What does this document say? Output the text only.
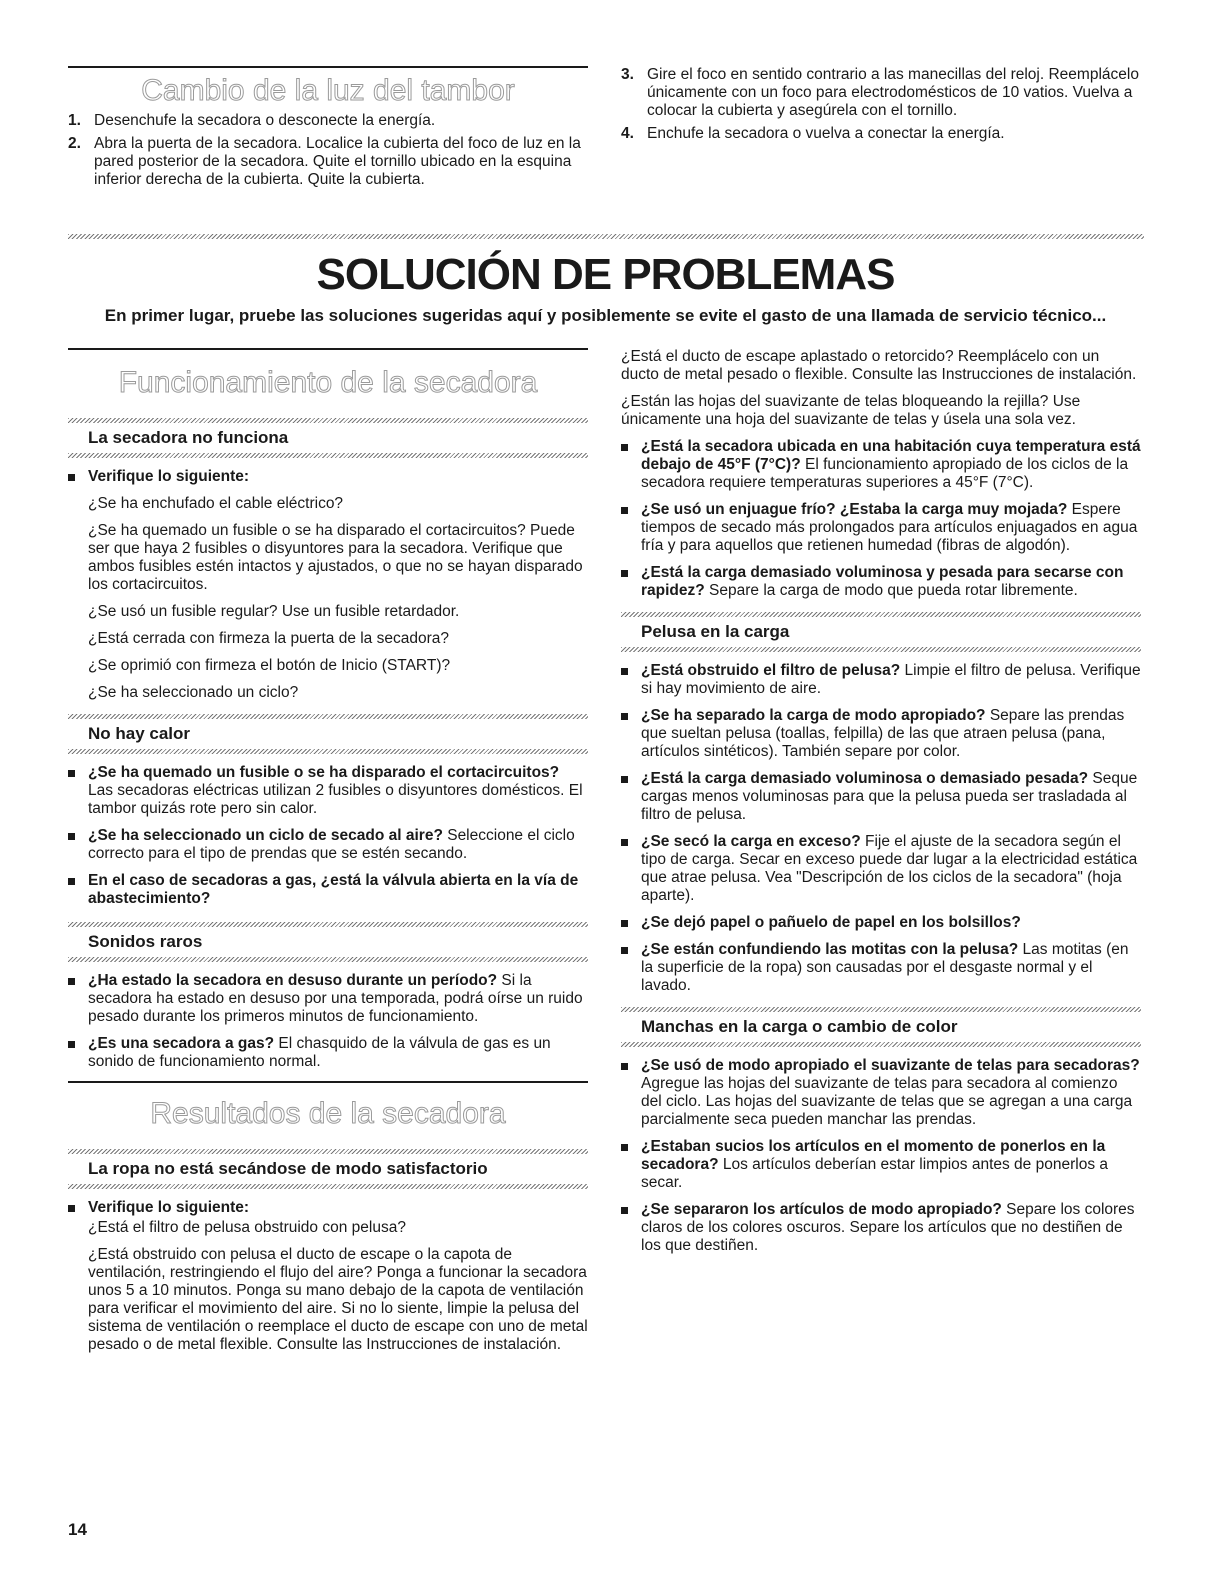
Cambio de la luz del tambor
1. Desenchufe la secadora o desconecte la energía.
2. Abra la puerta de la secadora. Localice la cubierta del foco de luz en la pared posterior de la secadora. Quite el tornillo ubicado en la esquina inferior derecha de la cubierta. Quite la cubierta.
3. Gire el foco en sentido contrario a las manecillas del reloj. Reemplácelo únicamente con un foco para electrodomésticos de 10 vatios. Vuelva a colocar la cubierta y asegúrela con el tornillo.
4. Enchufe la secadora o vuelva a conectar la energía.
SOLUCIÓN DE PROBLEMAS
En primer lugar, pruebe las soluciones sugeridas aquí y posiblemente se evite el gasto de una llamada de servicio técnico...
Funcionamiento de la secadora
La secadora no funciona
Verifique lo siguiente:
¿Se ha enchufado el cable eléctrico?
¿Se ha quemado un fusible o se ha disparado el cortacircuitos? Puede ser que haya 2 fusibles o disyuntores para la secadora. Verifique que ambos fusibles estén intactos y ajustados, o que no se hayan disparado los cortacircuitos.
¿Se usó un fusible regular? Use un fusible retardador.
¿Está cerrada con firmeza la puerta de la secadora?
¿Se oprimió con firmeza el botón de Inicio (START)?
¿Se ha seleccionado un ciclo?
No hay calor
¿Se ha quemado un fusible o se ha disparado el cortacircuitos? Las secadoras eléctricas utilizan 2 fusibles o disyuntores domésticos. El tambor quizás rote pero sin calor.
¿Se ha seleccionado un ciclo de secado al aire? Seleccione el ciclo correcto para el tipo de prendas que se estén secando.
En el caso de secadoras a gas, ¿está la válvula abierta en la vía de abastecimiento?
Sonidos raros
¿Ha estado la secadora en desuso durante un período? Si la secadora ha estado en desuso por una temporada, podrá oírse un ruido pesado durante los primeros minutos de funcionamiento.
¿Es una secadora a gas? El chasquido de la válvula de gas es un sonido de funcionamiento normal.
Resultados de la secadora
La ropa no está secándose de modo satisfactorio
Verifique lo siguiente:
¿Está el filtro de pelusa obstruido con pelusa?
¿Está obstruido con pelusa el ducto de escape o la capota de ventilación, restringiendo el flujo del aire? Ponga a funcionar la secadora unos 5 a 10 minutos. Ponga su mano debajo de la capota de ventilación para verificar el movimiento del aire. Si no lo siente, limpie la pelusa del sistema de ventilación o reemplace el ducto de escape con uno de metal pesado o de metal flexible. Consulte las Instrucciones de instalación.
¿Está el ducto de escape aplastado o retorcido? Reemplácelo con un ducto de metal pesado o flexible. Consulte las Instrucciones de instalación.
¿Están las hojas del suavizante de telas bloqueando la rejilla? Use únicamente una hoja del suavizante de telas y úsela una sola vez.
¿Está la secadora ubicada en una habitación cuya temperatura está debajo de 45°F (7°C)? El funcionamiento apropiado de los ciclos de la secadora requiere temperaturas superiores a 45°F (7°C).
¿Se usó un enjuague frío? ¿Estaba la carga muy mojada? Espere tiempos de secado más prolongados para artículos enjuagados en agua fría y para aquellos que retienen humedad (fibras de algodón).
¿Está la carga demasiado voluminosa y pesada para secarse con rapidez? Separe la carga de modo que pueda rotar libremente.
Pelusa en la carga
¿Está obstruido el filtro de pelusa? Limpie el filtro de pelusa. Verifique si hay movimiento de aire.
¿Se ha separado la carga de modo apropiado? Separe las prendas que sueltan pelusa (toallas, felpilla) de las que atraen pelusa (pana, artículos sintéticos). También separe por color.
¿Está la carga demasiado voluminosa o demasiado pesada? Seque cargas menos voluminosas para que la pelusa pueda ser trasladada al filtro de pelusa.
¿Se secó la carga en exceso? Fije el ajuste de la secadora según el tipo de carga. Secar en exceso puede dar lugar a la electricidad estática que atrae pelusa. Vea "Descripción de los ciclos de la secadora" (hoja aparte).
¿Se dejó papel o pañuelo de papel en los bolsillos?
¿Se están confundiendo las motitas con la pelusa? Las motitas (en la superficie de la ropa) son causadas por el desgaste normal y el lavado.
Manchas en la carga o cambio de color
¿Se usó de modo apropiado el suavizante de telas para secadoras? Agregue las hojas del suavizante de telas para secadora al comienzo del ciclo. Las hojas del suavizante de telas que se agregan a una carga parcialmente seca pueden manchar las prendas.
¿Estaban sucios los artículos en el momento de ponerlos en la secadora? Los artículos deberían estar limpios antes de ponerlos a secar.
¿Se separaron los artículos de modo apropiado? Separe los colores claros de los colores oscuros. Separe los artículos que no destiñen de los que destiñen.
14
